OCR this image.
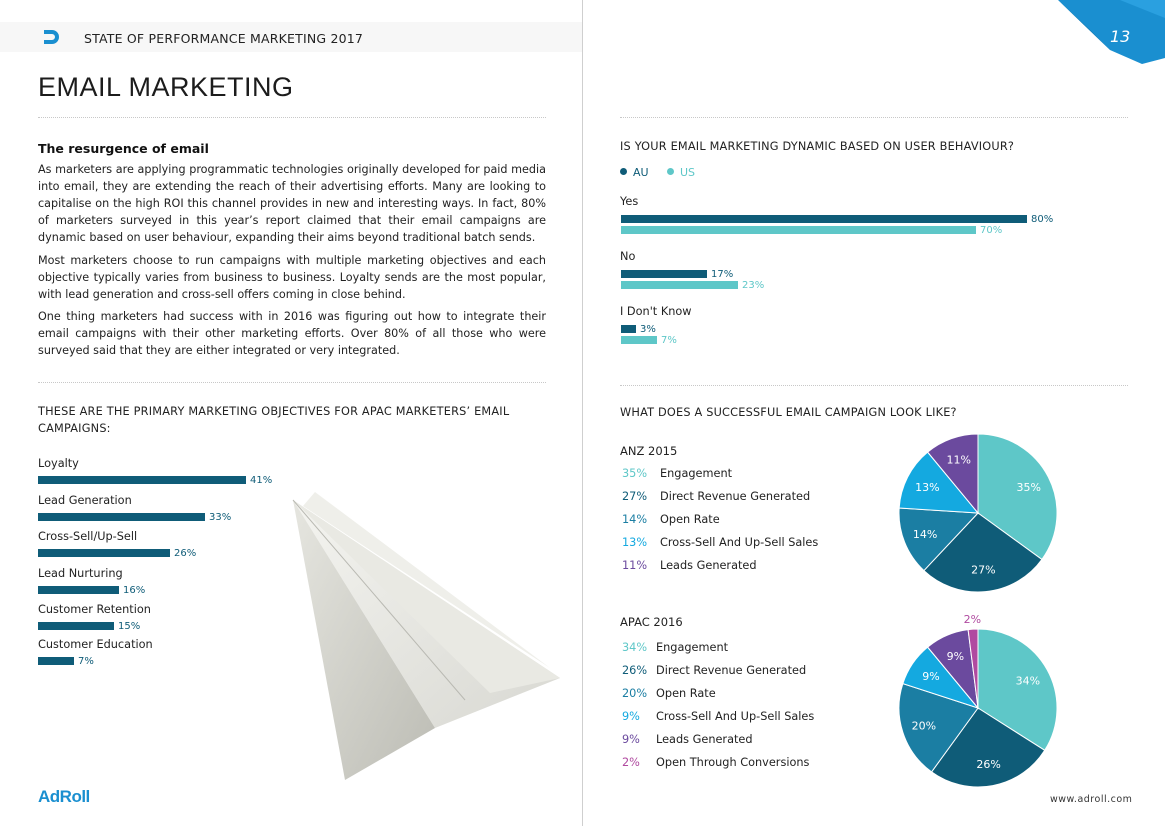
STATE OF PERFORMANCE MARKETING 2017	13
EMAIL MARKETING
The resurgence of email
As marketers are applying programmatic technologies originally developed for paid media into email, they are extending the reach of their advertising efforts. Many are looking to capitalise on the high ROI this channel provides in new and interesting ways. In fact, 80% of marketers surveyed in this year’s report claimed that their email campaigns are dynamic based on user behaviour, expanding their aims beyond traditional batch sends.
Most marketers choose to run campaigns with multiple marketing objectives and each objective typically varies from business to business. Loyalty sends are the most popular, with lead generation and cross-sell offers coming in close behind.
One thing marketers had success with in 2016 was figuring out how to integrate their email campaigns with their other marketing efforts. Over 80% of all those who were surveyed said that they are either integrated or very integrated.
THESE ARE THE PRIMARY MARKETING OBJECTIVES FOR APAC MARKETERS’ EMAIL CAMPAIGNS:
Loyalty
41%
Lead Generation
33%
Cross-Sell/Up-Sell
26%
Lead Nurturing
16%
Customer Retention
15%
Customer Education
7%
IS YOUR EMAIL MARKETING DYNAMIC BASED ON USER BEHAVIOUR?
AU	US
Yes
80%
70%
No
17%
23%
I Don't Know
3%
7%
WHAT DOES A SUCCESSFUL EMAIL CAMPAIGN LOOK LIKE?
ANZ 2015
35% Engagement
27% Direct Revenue Generated
14% Open Rate
13% Cross-Sell And Up-Sell Sales
11% Leads Generated
35%
27%
14%
13%
11%
APAC 2016
34% Engagement
26% Direct Revenue Generated
20% Open Rate
9% Cross-Sell And Up-Sell Sales
9% Leads Generated
2% Open Through Conversions
34%
26%
20%
9%
9%
2%
AdRoll	www.adroll.com
